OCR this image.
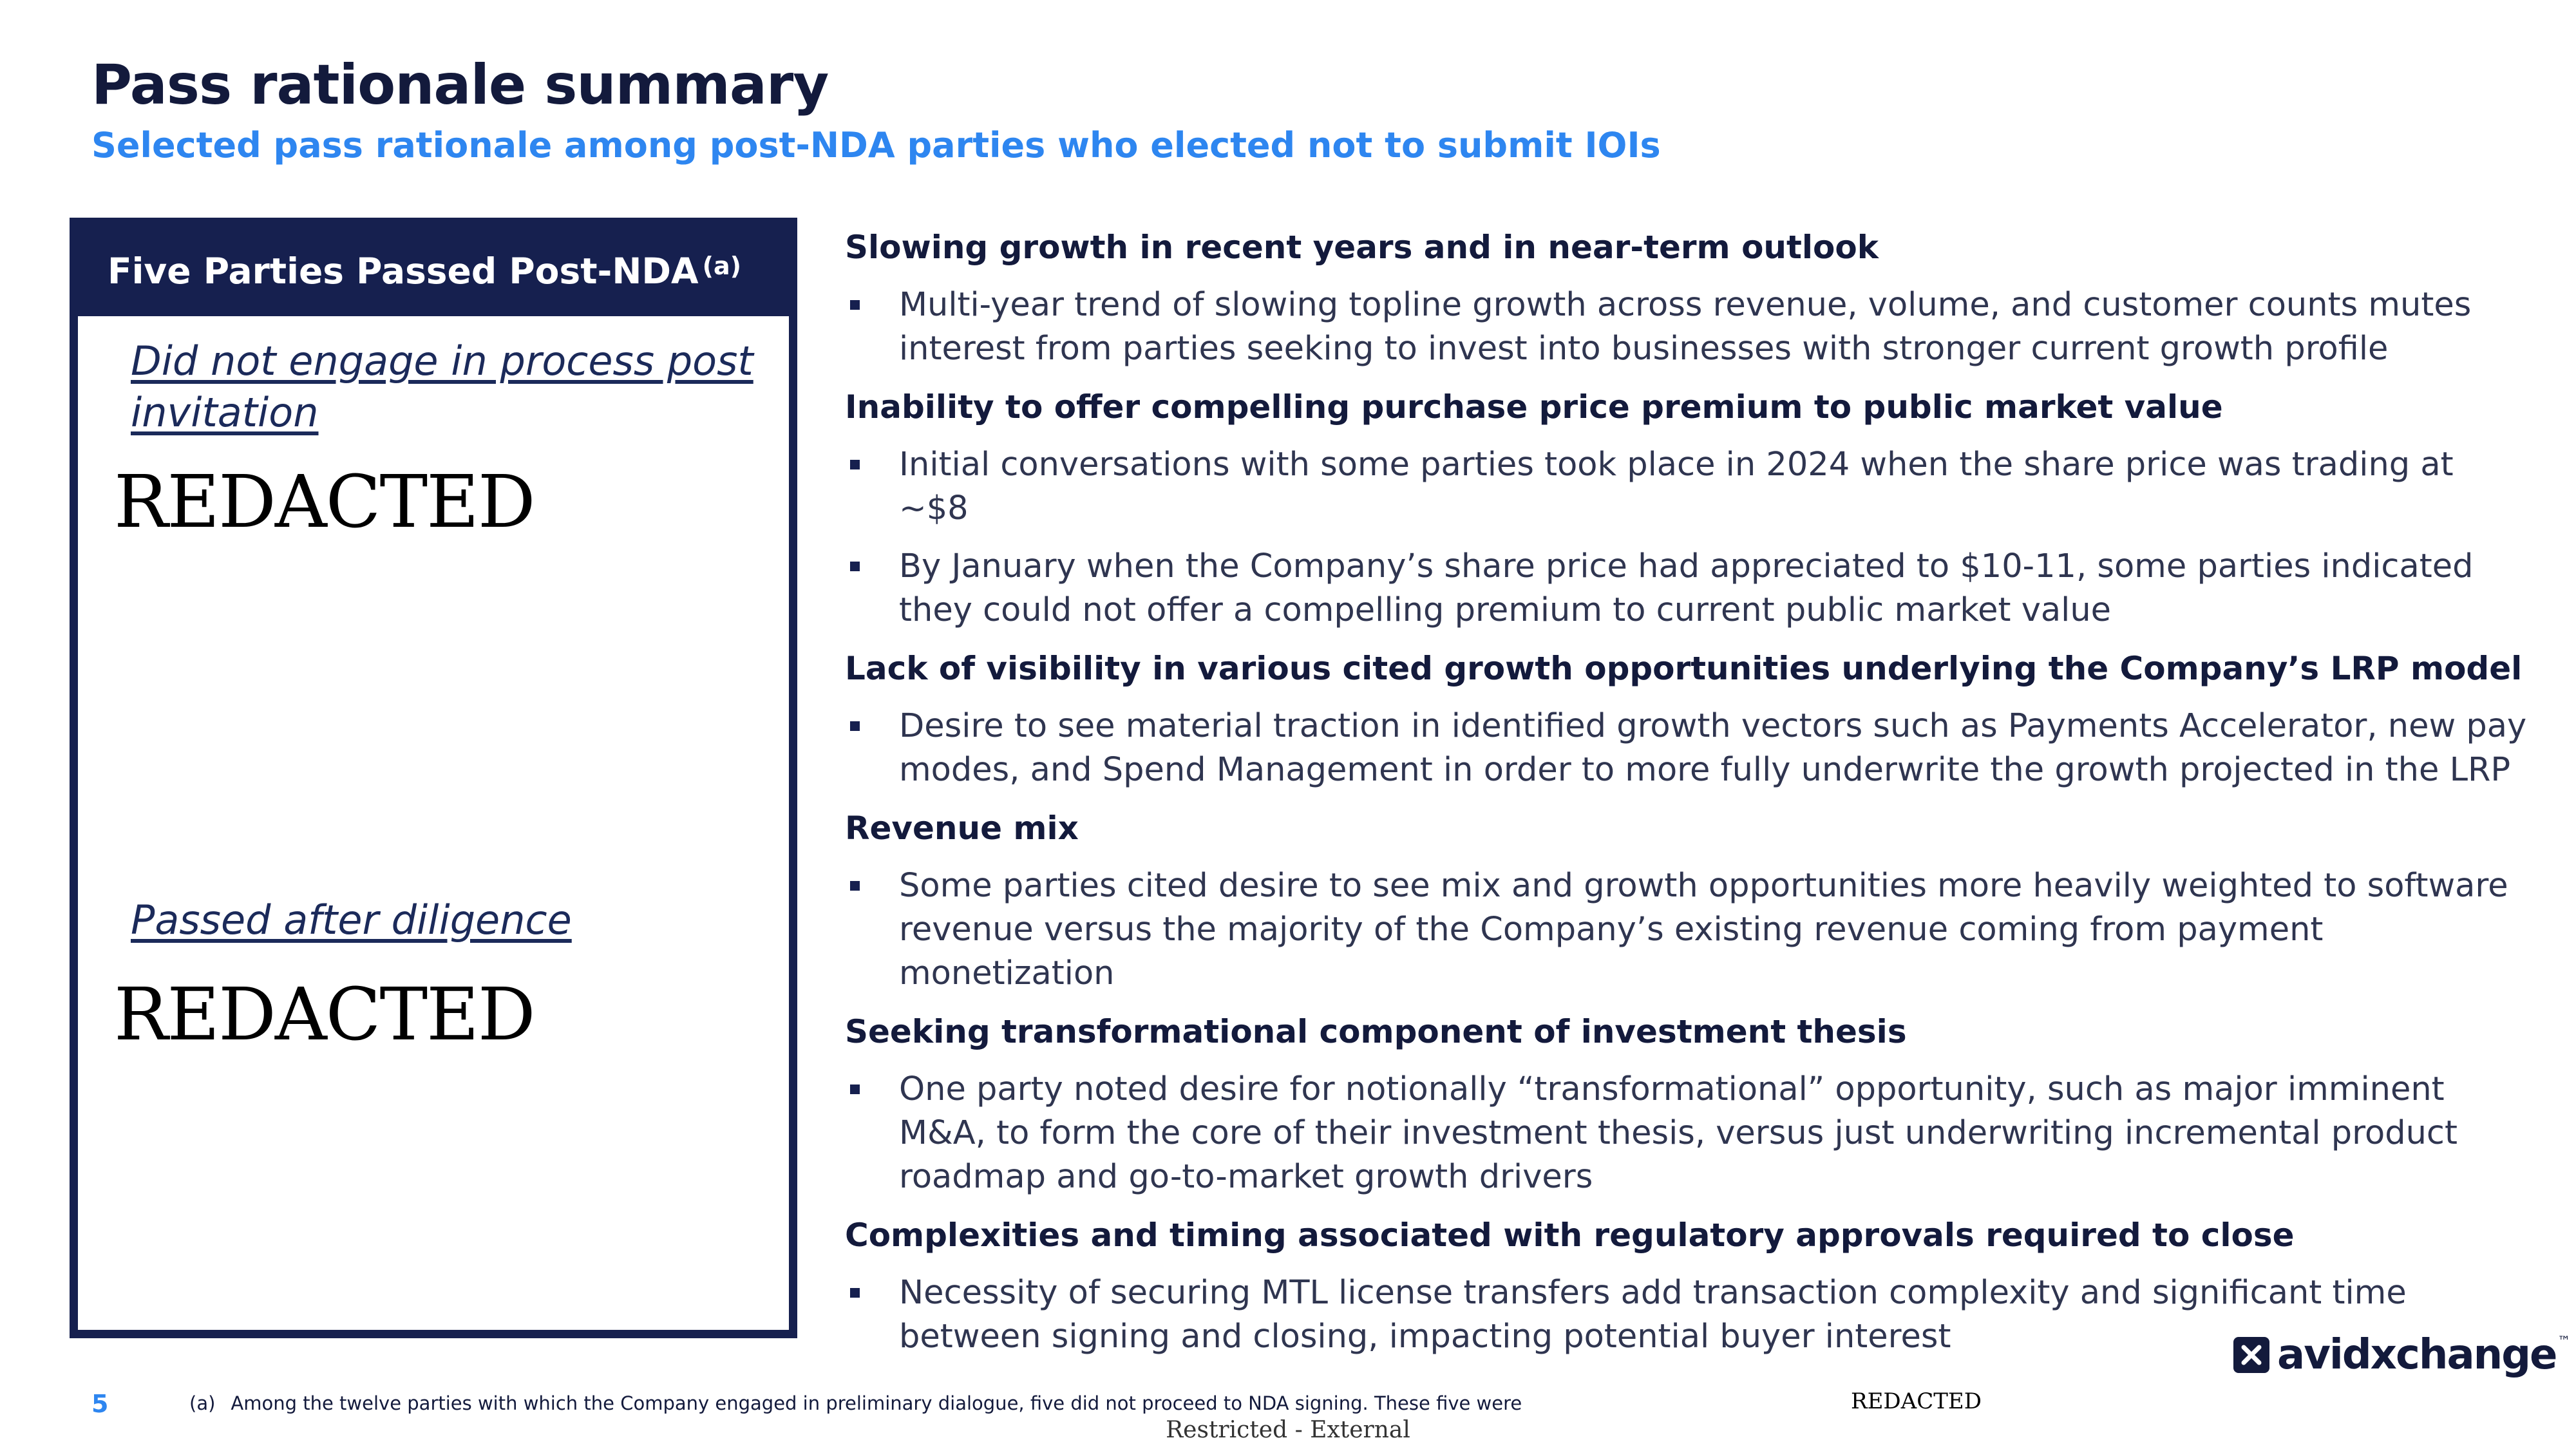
Pass rationale summary
Selected pass rationale among post-NDA parties who elected not to submit IOIs
Five Parties Passed Post-NDA$^{(a)}$
Did not engage in process post invitation
REDACTED
Passed after diligence
REDACTED
Slowing growth in recent years and in near-term outlook
Multi-year trend of slowing topline growth across revenue, volume, and customer counts mutes interest from parties seeking to invest into businesses with stronger current growth profile
Inability to offer compelling purchase price premium to public market value
Initial conversations with some parties took place in 2024 when the share price was trading at ~$8
By January when the Company’s share price had appreciated to $10-11, some parties indicated they could not offer a compelling premium to current public market value
Lack of visibility in various cited growth opportunities underlying the Company’s LRP model
Desire to see material traction in identified growth vectors such as Payments Accelerator, new pay modes, and Spend Management in order to more fully underwrite the growth projected in the LRP
Revenue mix
Some parties cited desire to see mix and growth opportunities more heavily weighted to software revenue versus the majority of the Company’s existing revenue coming from payment monetization
Seeking transformational component of investment thesis
One party noted desire for notionally “transformational” opportunity, such as major imminent M&A, to form the core of their investment thesis, versus just underwriting incremental product roadmap and go-to-market growth drivers
Complexities and timing associated with regulatory approvals required to close
Necessity of securing MTL license transfers add transaction complexity and significant time between signing and closing, impacting potential buyer interest	avidxchange ™
5	(a) Among the twelve parties with which the Company engaged in preliminary dialogue, five did not proceed to NDA signing. These five were	REDACTED
Restricted - External
